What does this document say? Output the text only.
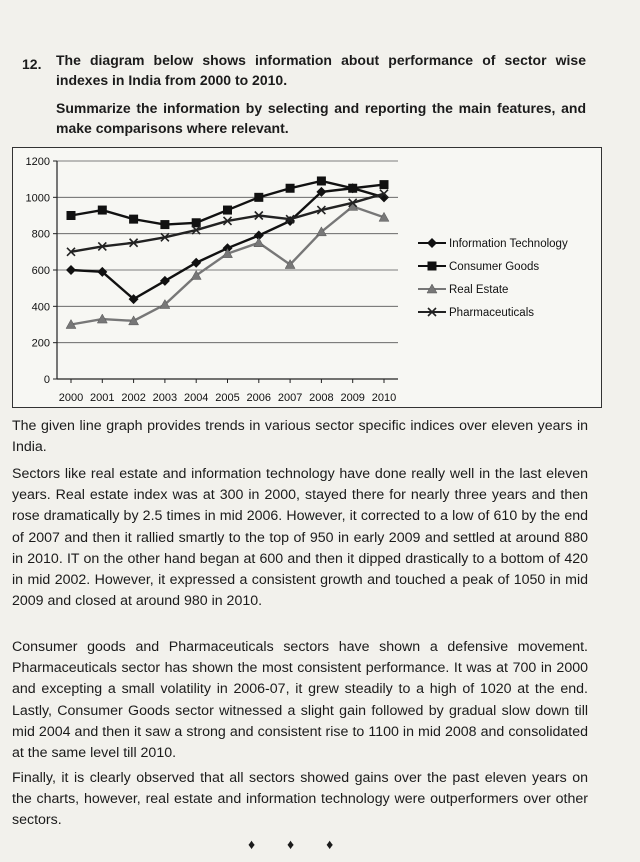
12. The diagram below shows information about performance of sector wise indexes in India from 2000 to 2010.
Summarize the information by selecting and reporting the main features, and make comparisons where relevant.
0
200
400
600
800
1000
1200
2000 2001 2002 2003 2004 2005 2006 2007 2008 2009 2010
Information Technology
Consumer Goods
Real Estate
Pharmaceuticals
The given line graph provides trends in various sector specific indices over eleven years in India.
Sectors like real estate and information technology have done really well in the last eleven years. Real estate index was at 300 in 2000, stayed there for nearly three years and then rose dramatically by 2.5 times in mid 2006. However, it corrected to a low of 610 by the end of 2007 and then it rallied smartly to the top of 950 in early 2009 and settled at around 880 in 2010. IT on the other hand began at 600 and then it dipped drastically to a bottom of 420 in mid 2002. However, it expressed a consistent growth and touched a peak of 1050 in mid 2009 and closed at around 980 in 2010.
Consumer goods and Pharmaceuticals sectors have shown a defensive movement. Pharmaceuticals sector has shown the most consistent performance. It was at 700 in 2000 and excepting a small volatility in 2006-07, it grew steadily to a high of 1020 at the end. Lastly, Consumer Goods sector witnessed a slight gain followed by gradual slow down till mid 2004 and then it saw a strong and consistent rise to 1100 in mid 2008 and consolidated at the same level till 2010.
Finally, it is clearly observed that all sectors showed gains over the past eleven years on the charts, however, real estate and information technology were outperformers over other sectors.
♦ ♦ ♦
